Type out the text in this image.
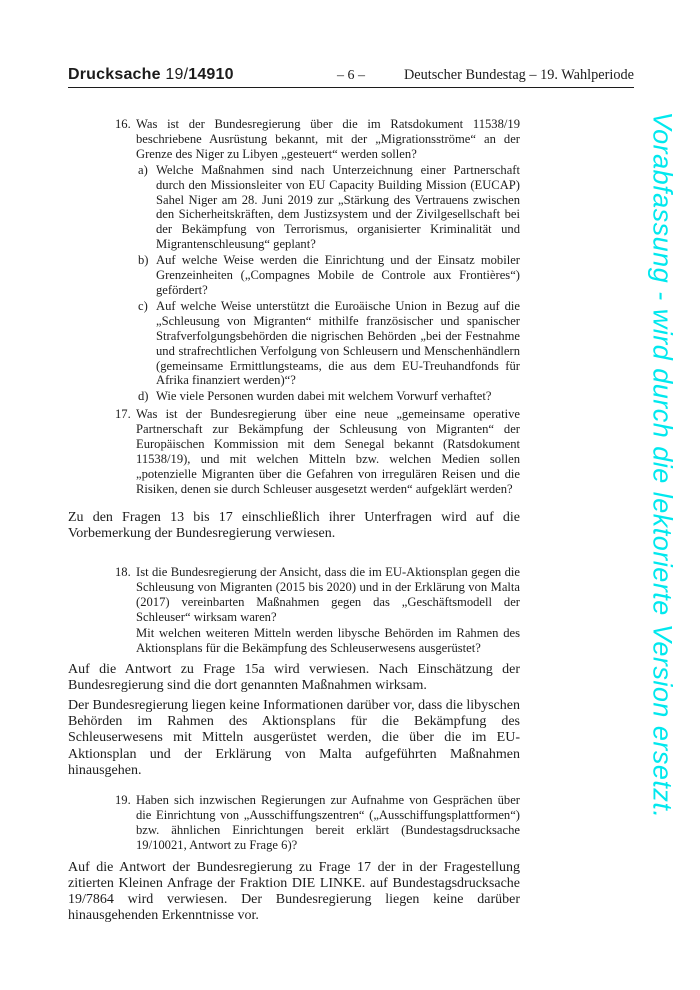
Drucksache 19/14910	– 6 –	Deutscher Bundestag – 19. Wahlperiode
16. Was ist der Bundesregierung über die im Ratsdokument 11538/19 beschriebene Ausrüstung bekannt, mit der „Migrationsströme“ an der Grenze des Niger zu Libyen „gesteuert“ werden sollen?

a) Welche Maßnahmen sind nach Unterzeichnung einer Partnerschaft durch den Missionsleiter von EU Capacity Building Mission (EUCAP) Sahel Niger am 28. Juni 2019 zur „Stärkung des Vertrauens zwischen den Sicherheitskräften, dem Justizsystem und der Zivilgesellschaft bei der Bekämpfung von Terrorismus, organisierter Kriminalität und Migrantenschleusung“ geplant?

b) Auf welche Weise werden die Einrichtung und der Einsatz mobiler Grenzeinheiten („Compagnes Mobile de Controle aux Frontières“) gefördert?

c) Auf welche Weise unterstützt die Euroäische Union in Bezug auf die „Schleusung von Migranten“ mithilfe französischer und spanischer Strafverfolgungsbehörden die nigrischen Behörden „bei der Festnahme und strafrechtlichen Verfolgung von Schleusern und Menschenhändlern (gemeinsame Ermittlungsteams, die aus dem EU-Treuhandfonds für Afrika finanziert werden)“?

d) Wie viele Personen wurden dabei mit welchem Vorwurf verhaftet?

17. Was ist der Bundesregierung über eine neue „gemeinsame operative Partnerschaft zur Bekämpfung der Schleusung von Migranten“ der Europäischen Kommission mit dem Senegal bekannt (Ratsdokument 11538/19), und mit welchen Mitteln bzw. welchen Medien sollen „potenzielle Migranten über die Gefahren von irregulären Reisen und die Risiken, denen sie durch Schleuser ausgesetzt werden“ aufgeklärt werden?

Zu den Fragen 13 bis 17 einschließlich ihrer Unterfragen wird auf die Vorbemerkung der Bundesregierung verwiesen.

18. Ist die Bundesregierung der Ansicht, dass die im EU-Aktionsplan gegen die Schleusung von Migranten (2015 bis 2020) und in der Erklärung von Malta (2017) vereinbarten Maßnahmen gegen das „Geschäftsmodell der Schleuser“ wirksam waren?

Mit welchen weiteren Mitteln werden libysche Behörden im Rahmen des Aktionsplans für die Bekämpfung des Schleuserwesens ausgerüstet?

Auf die Antwort zu Frage 15a wird verwiesen. Nach Einschätzung der Bundesregierung sind die dort genannten Maßnahmen wirksam.

Der Bundesregierung liegen keine Informationen darüber vor, dass die libyschen Behörden im Rahmen des Aktionsplans für die Bekämpfung des Schleuserwesens mit Mitteln ausgerüstet werden, die über die im EU-Aktionsplan und der Erklärung von Malta aufgeführten Maßnahmen hinausgehen.

19. Haben sich inzwischen Regierungen zur Aufnahme von Gesprächen über die Einrichtung von „Ausschiffungszentren“ („Ausschiffungsplattformen“) bzw. ähnlichen Einrichtungen bereit erklärt (Bundestagsdrucksache 19/10021, Antwort zu Frage 6)?

Auf die Antwort der Bundesregierung zu Frage 17 der in der Fragestellung zitierten Kleinen Anfrage der Fraktion DIE LINKE. auf Bundestagsdrucksache 19/7864 wird verwiesen. Der Bundesregierung liegen keine darüber hinausgehenden Erkenntnisse vor.

Vorabfassung - wird durch die lektorierte Version ersetzt.
